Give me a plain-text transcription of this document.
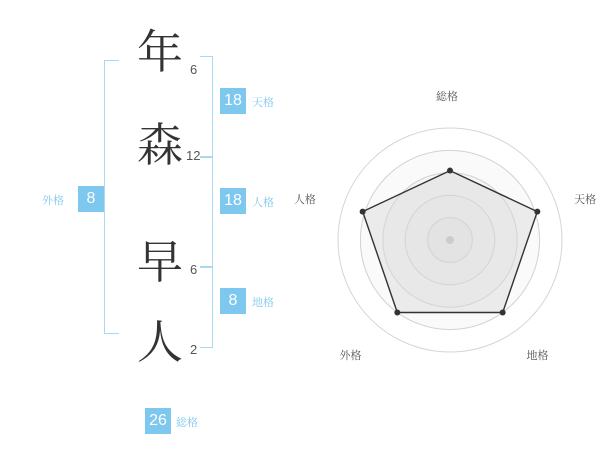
年
森
早
人
6
12
6
2
8
外格
18 天格
18 人格
8	地格
26 総格
総格
天格
地格
外格
人格
